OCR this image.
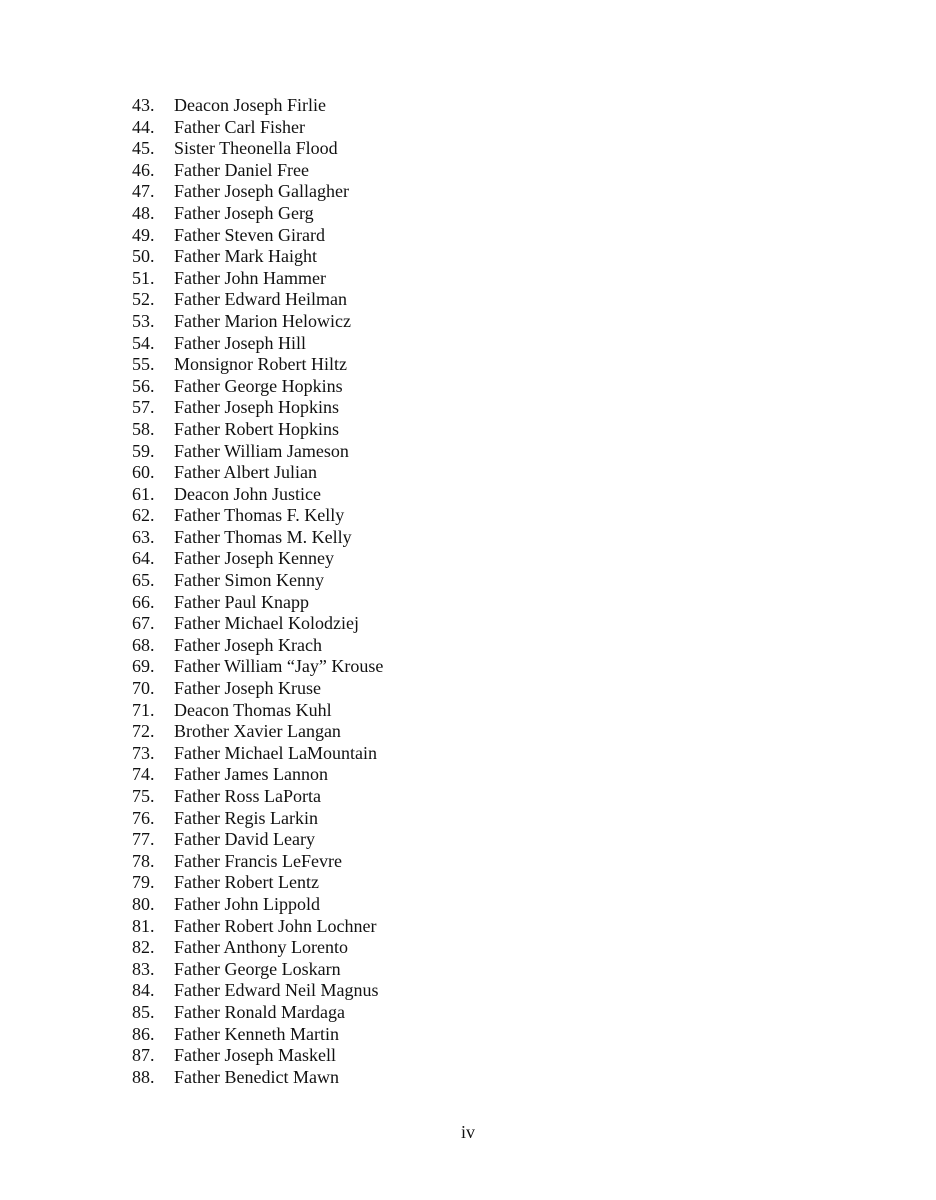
43.	Deacon Joseph Firlie
44.	Father Carl Fisher
45.	Sister Theonella Flood
46.	Father Daniel Free
47.	Father Joseph Gallagher
48.	Father Joseph Gerg
49.	Father Steven Girard
50.	Father Mark Haight
51.	Father John Hammer
52.	Father Edward Heilman
53.	Father Marion Helowicz
54.	Father Joseph Hill
55.	Monsignor Robert Hiltz
56.	Father George Hopkins
57.	Father Joseph Hopkins
58.	Father Robert Hopkins
59.	Father William Jameson
60.	Father Albert Julian
61.	Deacon John Justice
62.	Father Thomas F. Kelly
63.	Father Thomas M. Kelly
64.	Father Joseph Kenney
65.	Father Simon Kenny
66.	Father Paul Knapp
67.	Father Michael Kolodziej
68.	Father Joseph Krach
69.	Father William “Jay” Krouse
70.	Father Joseph Kruse
71.	Deacon Thomas Kuhl
72.	Brother Xavier Langan
73.	Father Michael LaMountain
74.	Father James Lannon
75.	Father Ross LaPorta
76.	Father Regis Larkin
77.	Father David Leary
78.	Father Francis LeFevre
79.	Father Robert Lentz
80.	Father John Lippold
81.	Father Robert John Lochner
82.	Father Anthony Lorento
83.	Father George Loskarn
84.	Father Edward Neil Magnus
85.	Father Ronald Mardaga
86.	Father Kenneth Martin
87.	Father Joseph Maskell
88.	Father Benedict Mawn
iv
